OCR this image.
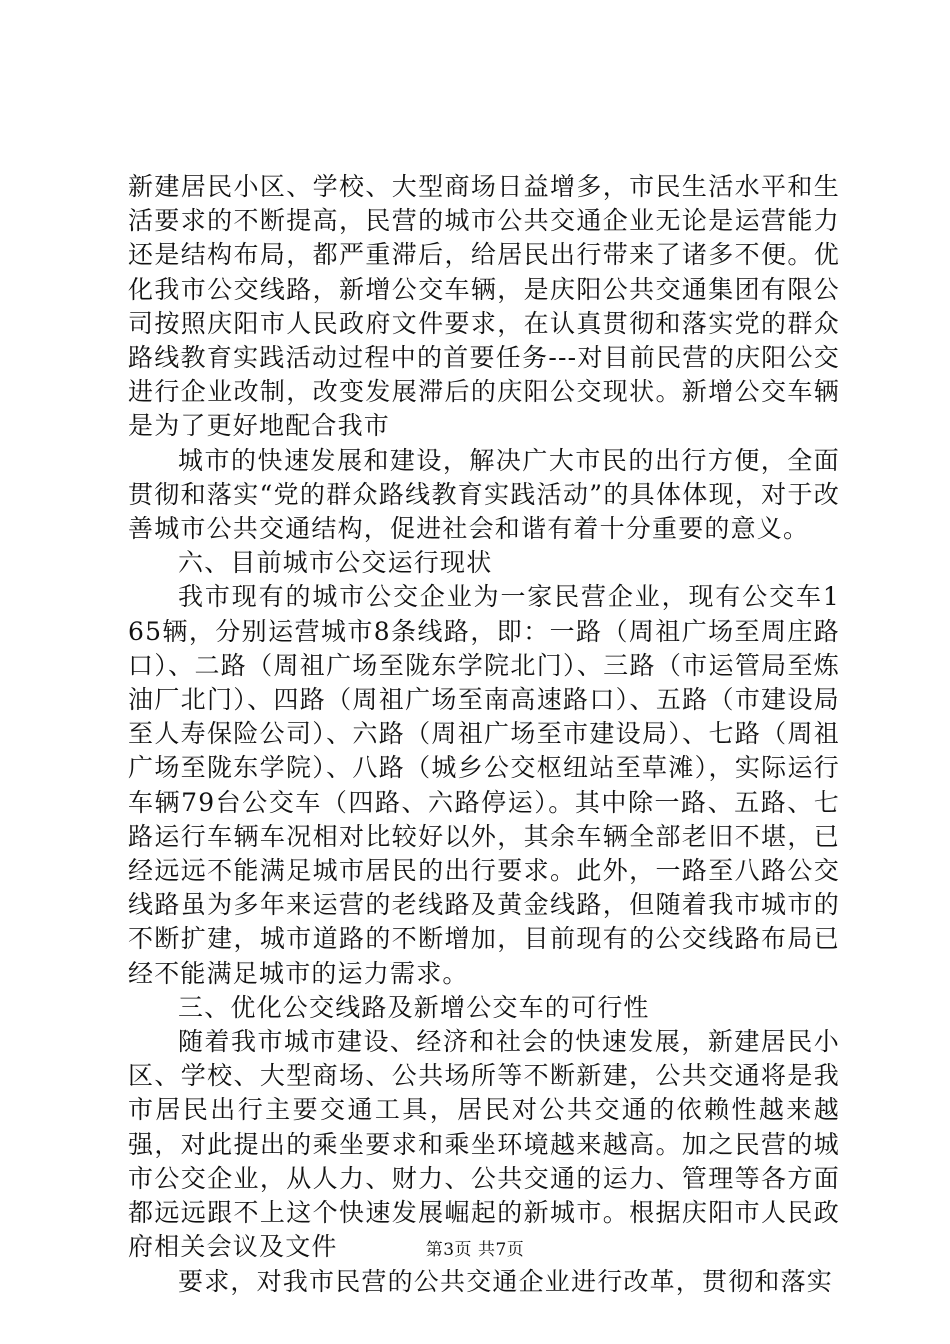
新建居民小区、学校、大型商场日益增多，市民生活水平和生活要求的不断提高，民营的城市公共交通企业无论是运营能力还是结构布局，都严重滞后，给居民出行带来了诸多不便。优化我市公交线路，新增公交车辆，是庆阳公共交通集团有限公司按照庆阳市人民政府文件要求，在认真贯彻和落实党的群众路线教育实践活动过程中的首要任务---对目前民营的庆阳公交进行企业改制，改变发展滞后的庆阳公交现状。新增公交车辆是为了更好地配合我市

城市的快速发展和建设，解决广大市民的出行方便，全面贯彻和落实“党的群众路线教育实践活动”的具体体现，对于改善城市公共交通结构，促进社会和谐有着十分重要的意义。

六、目前城市公交运行现状

我市现有的城市公交企业为一家民营企业，现有公交车165辆，分别运营城市8条线路，即：一路（周祖广场至周庄路口）、二路（周祖广场至陇东学院北门）、三路（市运管局至炼油厂北门）、四路（周祖广场至南高速路口）、五路（市建设局至人寿保险公司）、六路（周祖广场至市建设局）、七路（周祖广场至陇东学院）、八路（城乡公交枢纽站至草滩），实际运行车辆79台公交车（四路、六路停运）。其中除一路、五路、七路运行车辆车况相对比较好以外，其余车辆全部老旧不堪，已经远远不能满足城市居民的出行要求。此外，一路至八路公交线路虽为多年来运营的老线路及黄金线路，但随着我市城市的不断扩建，城市道路的不断增加，目前现有的公交线路布局已经不能满足城市的运力需求。

三、优化公交线路及新增公交车的可行性

随着我市城市建设、经济和社会的快速发展，新建居民小区、学校、大型商场、公共场所等不断新建，公共交通将是我市居民出行主要交通工具，居民对公共交通的依赖性越来越强，对此提出的乘坐要求和乘坐环境越来越高。加之民营的城市公交企业，从人力、财力、公共交通的运力、管理等各方面都远远跟不上这个快速发展崛起的新城市。根据庆阳市人民政府相关会议及文件

要求，对我市民营的公共交通企业进行改革，贯彻和落实

第3页 共7页
